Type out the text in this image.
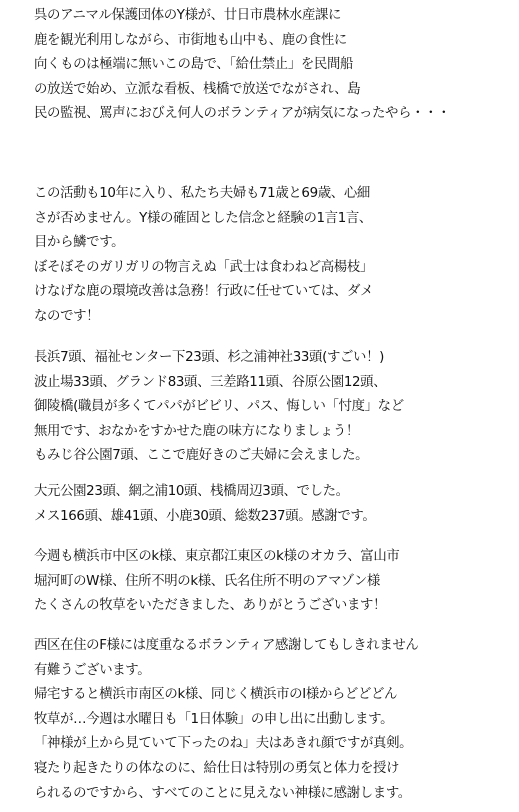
呉のアニマル保護団体のY様が、廿日市農林水産課に
鹿を観光利用しながら、市街地も山中も、鹿の食性に
向くものは極端に無いこの島で、「給仕禁止」を民間船
の放送で始め、立派な看板、桟橋で放送でながされ、島
民の監視、罵声におびえ何人のボランティアが病気になったやら・・・
この活動も10年に入り、私たち夫婦も71歳と69歳、心細
さが否めません。Y様の確固とした信念と経験の1言1言、
目から鱗です。
ぼそぼそのガリガリの物言えぬ「武士は食わねど高楊枝」
けなげな鹿の環境改善は急務！行政に任せていては、ダメ
なのです！
長浜7頭、福祉センター下23頭、杉之浦神社33頭(すごい！)
波止場33頭、グランド83頭、三差路11頭、谷原公園12頭、
御陵橋(職員が多くてパパがビビリ、パス、悔しい「忖度」など
無用です、おなかをすかせた鹿の味方になりましょう！
もみじ谷公園7頭、ここで鹿好きのご夫婦に会えました。
大元公園23頭、網之浦10頭、桟橋周辺3頭、でした。
メス166頭、雄41頭、小鹿30頭、総数237頭。感謝です。
今週も横浜市中区のk様、東京都江東区のk様のオカラ、富山市
堀河町のW様、住所不明のk様、氏名住所不明のアマゾン様
たくさんの牧草をいただきました、ありがとうございます！
西区在住のF様には度重なるボランティア感謝してもしきれません
有難うございます。
帰宅すると横浜市南区のk様、同じく横浜市のI様からどどどん
牧草が…今週は水曜日も「1日体験」の申し出に出動します。
「神様が上から見ていて下ったのね」夫はあきれ顔ですが真剣。
寝たり起きたりの体なのに、給仕日は特別の勇気と体力を授け
られるのですから、すべてのことに見えない神様に感謝します。
